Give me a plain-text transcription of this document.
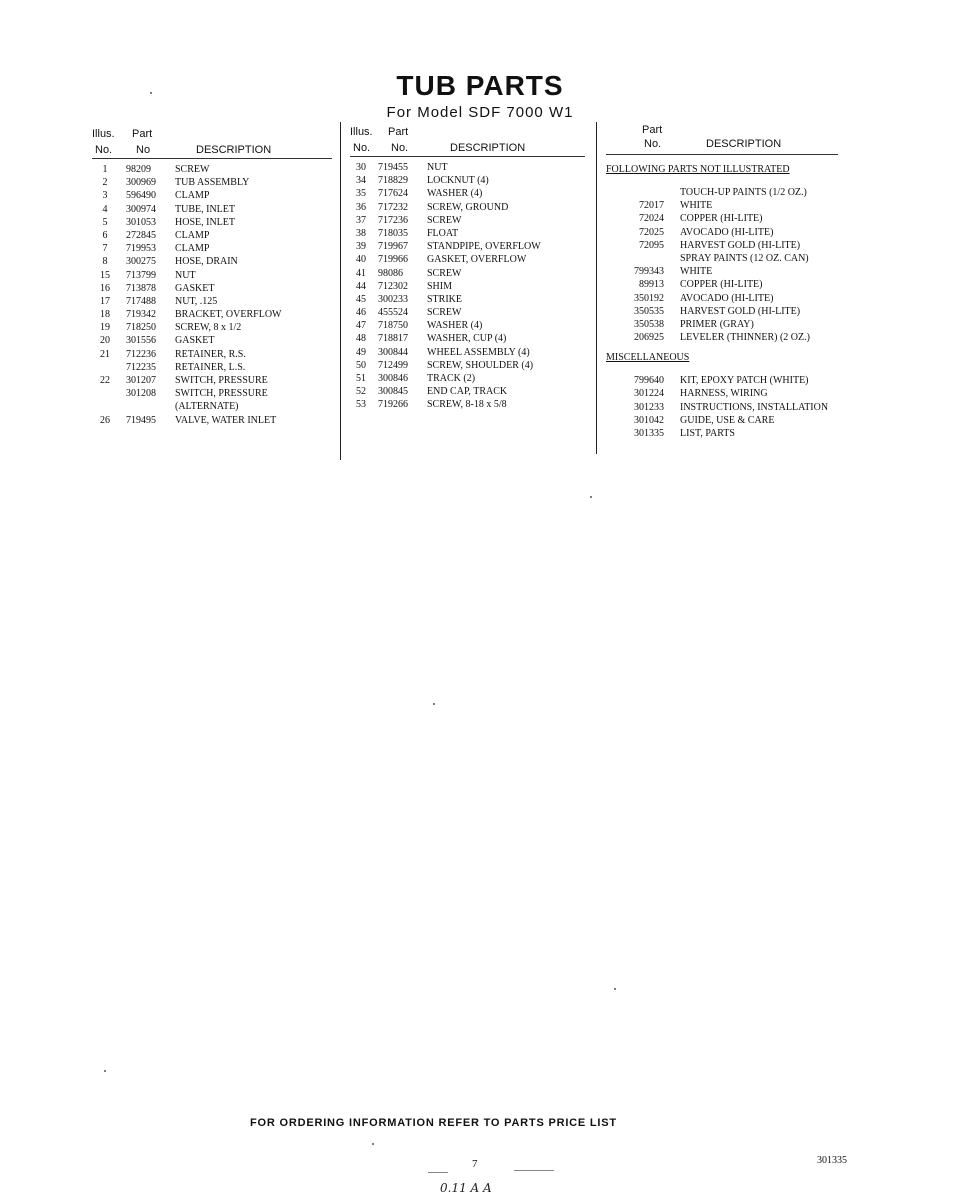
TUB PARTS
For Model SDF 7000 W1
Illus. Part
No. No	DESCRIPTION
1	98209 SCREW
2	300969 TUB ASSEMBLY
3	596490 CLAMP
4	300974 TUBE, INLET
5	301053 HOSE, INLET
6	272845 CLAMP
7	719953 CLAMP
8	300275 HOSE, DRAIN
15	713799 NUT
16	713878 GASKET
17	717488 NUT, .125
18	719342 BRACKET, OVERFLOW
19	718250 SCREW, 8 x 1/2
20	301556 GASKET
21	712236 RETAINER, R.S.
712235 RETAINER, L.S.
22	301207 SWITCH, PRESSURE
301208 SWITCH, PRESSURE
(ALTERNATE)
26	719495 VALVE, WATER INLET
Illus. Part
No. No.	DESCRIPTION
30	719455 NUT
34	718829 LOCKNUT (4)
35	717624 WASHER (4)
36	717232 SCREW, GROUND
37	717236 SCREW
38	718035 FLOAT
39	719967 STANDPIPE, OVERFLOW
40	719966 GASKET, OVERFLOW
41	98086 SCREW
44	712302 SHIM
45	300233 STRIKE
46	455524 SCREW
47	718750 WASHER (4)
48	718817 WASHER, CUP (4)
49	300844 WHEEL ASSEMBLY (4)
50	712499 SCREW, SHOULDER (4)
51	300846 TRACK (2)
52	300845 END CAP, TRACK
53	719266 SCREW, 8-18 x 5/8
Part
No.	DESCRIPTION
FOLLOWING PARTS NOT ILLUSTRATED
TOUCH-UP PAINTS (1/2 OZ.)
72017 WHITE
72024 COPPER (HI-LITE)
72025 AVOCADO (HI-LITE)
72095 HARVEST GOLD (HI-LITE)
SPRAY PAINTS (12 OZ. CAN)
799343 WHITE
89913 COPPER (HI-LITE)
350192 AVOCADO (HI-LITE)
350535 HARVEST GOLD (HI-LITE)
350538 PRIMER (GRAY)
206925 LEVELER (THINNER) (2 OZ.)
MISCELLANEOUS
799640 KIT, EPOXY PATCH (WHITE)
301224 HARNESS, WIRING
301233 INSTRUCTIONS, INSTALLATION
301042 GUIDE, USE & CARE
301335 LIST, PARTS
FOR ORDERING INFORMATION REFER TO PARTS PRICE LIST
7	301335
0.11 A A
